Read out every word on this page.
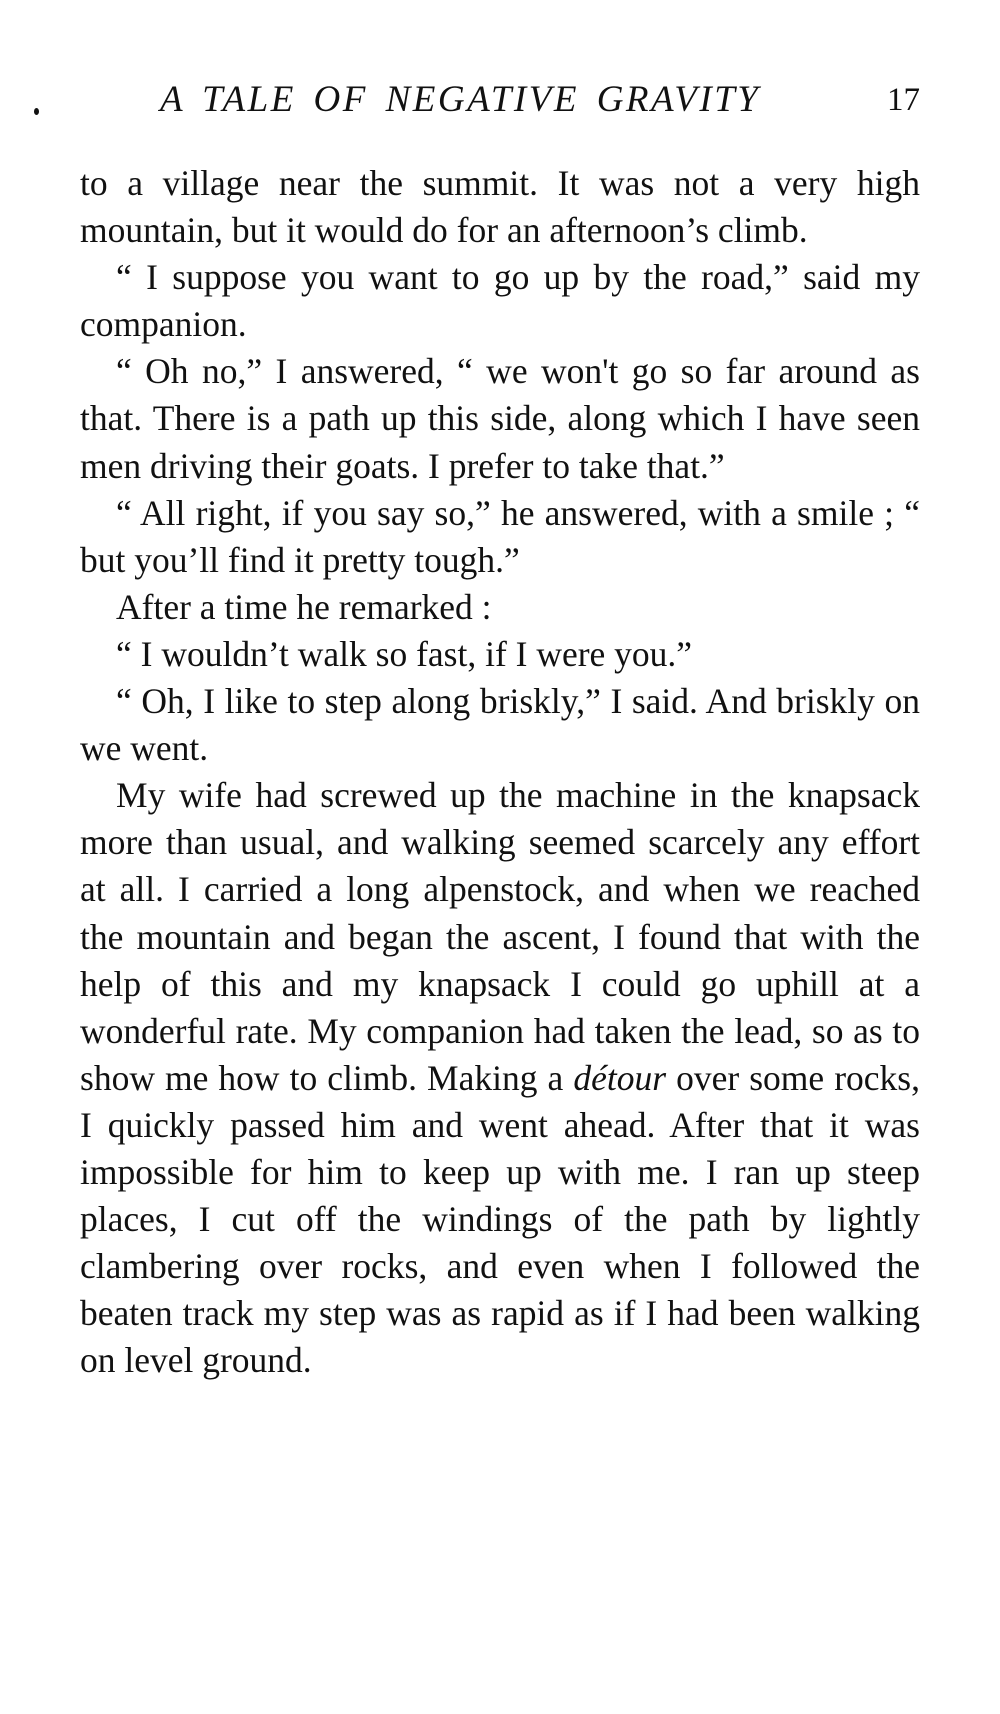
A TALE OF NEGATIVE GRAVITY	17

to a village near the summit. It was not a very high mountain, but it would do for an afternoon’s climb.

“ I suppose you want to go up by the road,” said my companion.

“ Oh no,” I answered, “ we won't go so far around as that. There is a path up this side, along which I have seen men driving their goats. I prefer to take that.”

“ All right, if you say so,” he answered, with a smile ; “ but you’ll find it pretty tough.”

After a time he remarked :

“ I wouldn’t walk so fast, if I were you.”

“ Oh, I like to step along briskly,” I said. And briskly on we went.

My wife had screwed up the machine in the knapsack more than usual, and walking seemed scarcely any effort at all. I carried a long alpenstock, and when we reached the mountain and began the ascent, I found that with the help of this and my knapsack I could go uphill at a wonderful rate. My companion had taken the lead, so as to show me how to climb. Making a détour over some rocks, I quickly passed him and went ahead. After that it was impossible for him to keep up with me. I ran up steep places, I cut off the windings of the path by lightly clambering over rocks, and even when I followed the beaten track my step was as rapid as if I had been walking on level ground.
